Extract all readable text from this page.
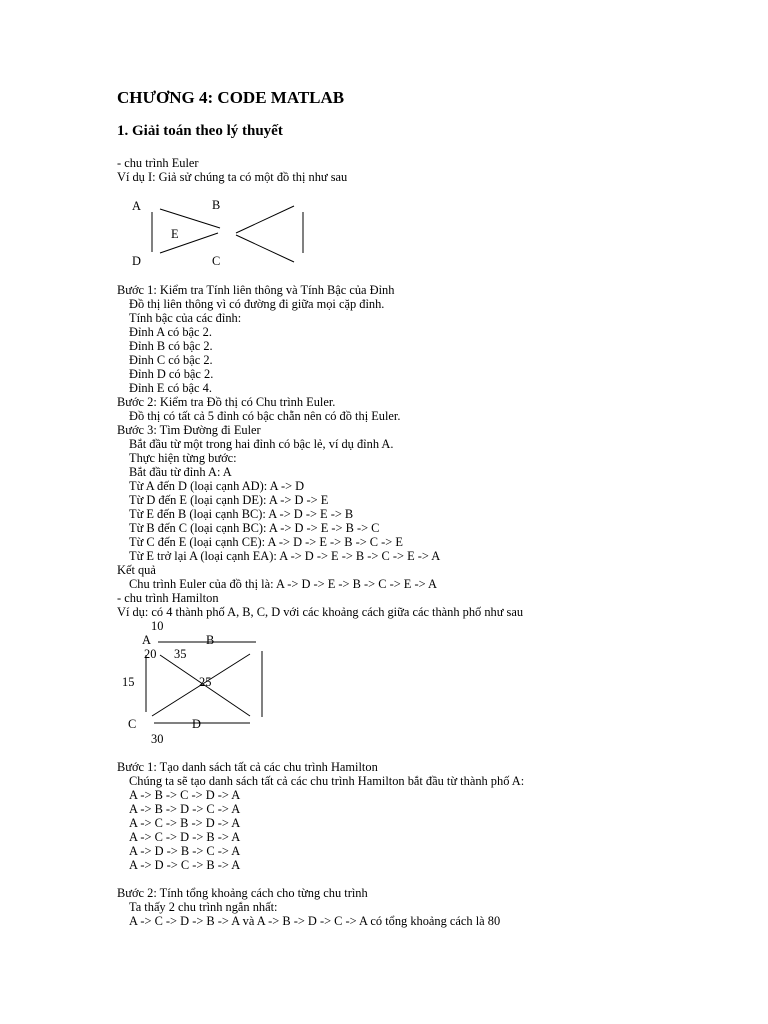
CHƯƠNG 4: CODE MATLAB
1. Giải toán theo lý thuyết
- chu trình Euler
Ví dụ I: Giả sử chúng ta có một đồ thị như sau
A	B
E
D	C
Bước 1: Kiểm tra Tính liên thông và Tính Bậc của Đỉnh
Đồ thị liên thông vì có đường đi giữa mọi cặp đỉnh.
Tính bậc của các đỉnh:
Đỉnh A có bậc 2.
Đỉnh B có bậc 2.
Đỉnh C có bậc 2.
Đỉnh D có bậc 2.
Đỉnh E có bậc 4.
Bước 2: Kiểm tra Đồ thị có Chu trình Euler.
Đồ thị có tất cả 5 đỉnh có bậc chẵn nên có đồ thị Euler.
Bước 3: Tìm Đường đi Euler
Bắt đầu từ một trong hai đỉnh có bậc lẻ, ví dụ đỉnh A.
Thực hiện từng bước:
Bắt đầu từ đỉnh A: A
Từ A đến D (loại cạnh AD): A -> D
Từ D đến E (loại cạnh DE): A -> D -> E
Từ E đến B (loại cạnh BC): A -> D -> E -> B
Từ B đến C (loại cạnh BC): A -> D -> E -> B -> C
Từ C đến E (loại cạnh CE): A -> D -> E -> B -> C -> E
Từ E trở lại A (loại cạnh EA): A -> D -> E -> B -> C -> E -> A
Kết quả
Chu trình Euler của đồ thị là: A -> D -> E -> B -> C -> E -> A
- chu trình Hamilton
Ví dụ: có 4 thành phố A, B, C, D với các khoảng cách giữa các thành phố như sau
10
A	B
20 35
15	25
C	D
30
Bước 1: Tạo danh sách tất cả các chu trình Hamilton
Chúng ta sẽ tạo danh sách tất cả các chu trình Hamilton bắt đầu từ thành phố A:
A -> B -> C -> D -> A
A -> B -> D -> C -> A
A -> C -> B -> D -> A
A -> C -> D -> B -> A
A -> D -> B -> C -> A
A -> D -> C -> B -> A
Bước 2: Tính tổng khoảng cách cho từng chu trình
Ta thấy 2 chu trình ngắn nhất:
A -> C -> D -> B -> A và A -> B -> D -> C -> A có tổng khoảng cách là 80
